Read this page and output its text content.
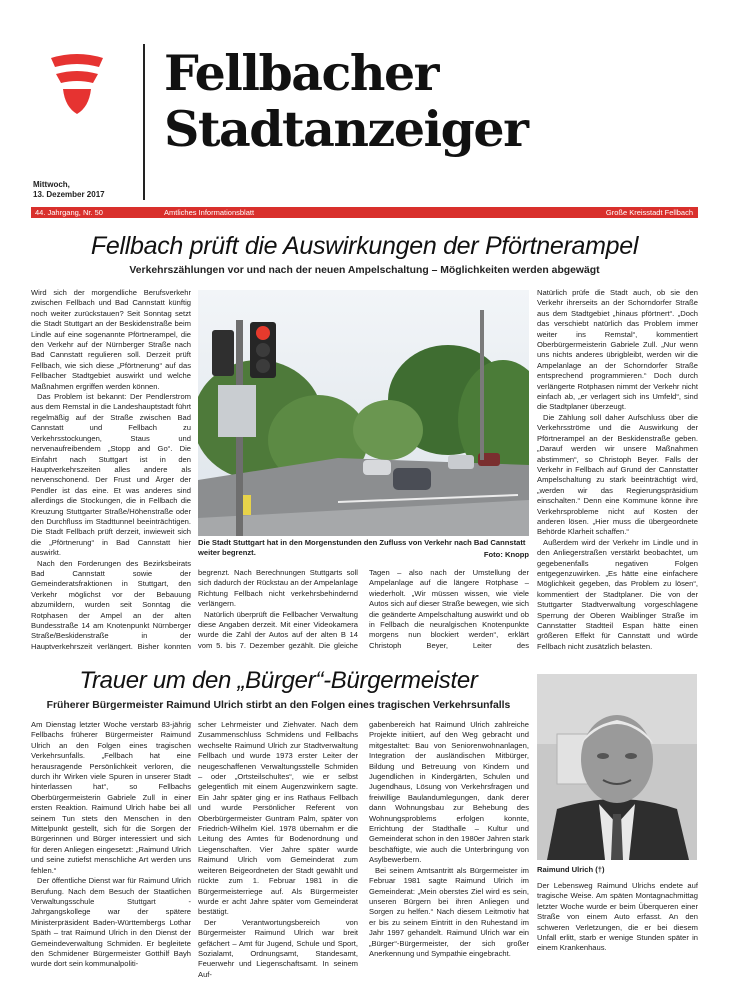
Fellbacher
Stadtanzeiger
Mittwoch,
13. Dezember 2017
44. Jahrgang, Nr. 50	Amtliches Informationsblatt	Große Kreisstadt Fellbach
Fellbach prüft die Auswirkungen der Pförtnerampel
Verkehrszählungen vor und nach der neuen Ampelschaltung – Möglichkeiten werden abgewägt

Wird sich der morgendliche Berufsverkehr zwischen Fellbach und Bad Cannstatt künftig noch weiter zurückstauen? Seit Sonntag setzt die Stadt Stuttgart an der Beskidenstraße beim Lindle auf eine sogenannte Pförtnerampel, die den Verkehr auf der Nürnberger Straße nach Bad Cannstatt regulieren soll. Derzeit prüft Fellbach, wie sich diese „Pförtnerung“ auf das Fellbacher Stadtgebiet auswirkt und welche Maßnahmen ergriffen werden können.

Das Problem ist bekannt: Der Pendlerstrom aus dem Remstal in die Landeshauptstadt führt regelmäßig auf der Straße zwischen Bad Cannstatt und Fellbach zu Verkehrsstockungen, Staus und nervenaufreibendem „Stopp and Go“. Die Einfahrt nach Stuttgart ist in den Hauptverkehrszeiten alles andere als nervenschonend. Der Frust und Ärger der Pendler ist das eine. Et was anderes sind allerdings die Stockungen, die in Fellbach die Kreuzung Stuttgarter Straße/Höhenstraße oder den Durchfluss im Stadttunnel beeinträchtigen. Die Stadt Fellbach prüft derzeit, inwieweit sich die „Pförtnerung“ in Bad Cannstatt hier auswirkt.

Nach den Forderungen des Bezirksbeirats Bad Cannstatt sowie der Gemeinderatsfraktionen in Stuttgart, den Verkehr möglichst vor der Bebauung abzumildern, wurden seit Sonntag die Rotphasen der Ampel an der alten Bundesstraße 14 am Knotenpunkt Nürnberger Straße/Beskidenstraße in der Hauptverkehrszeit verlängert. Bisher konnten

Die Stadt Stuttgart hat in den Morgenstunden den Zufluss von Verkehr nach Bad Cannstatt weiter begrenzt.	Foto: Knopp

begrenzt. Nach Berechnungen Stuttgarts soll sich dadurch der Rückstau an der Ampelanlage Richtung Fellbach nicht verkehrsbehindernd verlängern.

Natürlich überprüft die Fellbacher Verwaltung diese Angaben derzeit. Mit einer Videokamera wurde die Zahl der Autos auf der alten B 14 vom 5. bis 7. Dezember gezählt. Die gleiche

Tagen – also nach der Umstellung der Ampelanlage auf die längere Rotphase – wiederholt. „Wir müssen wissen, wie viele Autos sich auf dieser Straße bewegen, wie sich die geänderte Ampelschaltung auswirkt und ob in Fellbach die neuralgischen Knotenpunkte morgens nun blockiert werden“, erklärt Christoph Beyer, Leiter des

Natürlich prüfe die Stadt auch, ob sie den Verkehr ihrerseits an der Schorndorfer Straße aus dem Stadtgebiet „hinaus pförtnert“. „Doch das verschiebt natürlich das Problem immer weiter ins Remstal“, kommentiert Oberbürgermeisterin Gabriele Zull. „Nur wenn uns nichts anderes übrigbleibt, werden wir die Ampelanlage an der Schorndorfer Straße entsprechend programmieren.“ Doch durch verlängerte Rotphasen nimmt der Verkehr nicht einfach ab, „er verlagert sich ins Umfeld“, sind die Stadtplaner überzeugt.

Die Zählung soll daher Aufschluss über die Verkehrsströme und die Auswirkung der Pförtnerampel an der Beskidenstraße geben. „Darauf werden wir unsere Maßnahmen abstimmen“, so Christoph Beyer. Falls der Verkehr in Fellbach auf Grund der Cannstatter Ampelschaltung zu stark beeinträchtigt wird, „werden wir das Regierungspräsidium einschalten.“ Denn eine Kommune könne ihre Verkehrsprobleme nicht auf Kosten der anderen lösen. „Hier muss die übergeordnete Behörde Klarheit schaffen.“

Außerdem wird der Verkehr im Lindle und in den Anliegerstraßen verstärkt beobachtet, um gegebenenfalls negativen Folgen entgegenzuwirken. „Es hätte eine einfachere Möglichkeit gegeben, das Problem zu lösen“, kommentiert der Stadtplaner. Die von der Stuttgarter Stadtverwaltung vorgeschlagene Sperrung der Oberen Waiblinger Straße im Cannstatter Stadtteil Espan hätte einen größeren Effekt für Cannstatt und würde Fellbach nicht zusätzlich belasten.

Trauer um den „Bürger“-Bürgermeister
Früherer Bürgermeister Raimund Ulrich stirbt an den Folgen eines tragischen Verkehrsunfalls

Am Dienstag letzter Woche verstarb 83-jährig Fellbachs früherer Bürgermeister Raimund Ulrich an den Folgen eines tragischen Verkehrsunfalls. „Fellbach hat eine herausragende Persönlichkeit verloren, die durch ihr Wirken viele Spuren in unserer Stadt hinterlassen hat“, so Fellbachs Oberbürgermeisterin Gabriele Zull in einer ersten Reaktion. Raimund Ulrich habe bei all seinem Tun stets den Menschen in den Mittelpunkt gestellt, sich für die Sorgen der Bürgerinnen und Bürger interessiert und sich für deren Anliegen eingesetzt: „Raimund Ulrich und seine zutiefst menschliche Art werden uns fehlen.“

Der öffentliche Dienst war für Raimund Ulrich Berufung. Nach dem Besuch der Staatlichen Verwaltungsschule Stuttgart - Jahrgangskollege war der spätere Ministerpräsident Baden-Württembergs Lothar Späth – trat Raimund Ulrich in den Dienst der Gemeindeverwaltung Schmiden. Er begleitete den Schmidener Bürgermeister Gotthilf Bayh wurde dort sein kommunalpoliti-

scher Lehrmeister und Ziehvater. Nach dem Zusammenschluss Schmidens und Fellbachs wechselte Raimund Ulrich zur Stadtverwaltung Fellbach und wurde 1973 erster Leiter der neugeschaffenen Verwaltungsstelle Schmiden – oder „Ortsteilschultes“, wie er selbst gelegentlich mit einem Augenzwinkern sagte. Ein Jahr später ging er ins Rathaus Fellbach und wurde Persönlicher Referent von Oberbürgermeister Guntram Palm, später von Friedrich-Wilhelm Kiel. 1978 übernahm er die Leitung des Amtes für Bodenordnung und Liegenschaften. Vier Jahre später wurde Raimund Ulrich vom Gemeinderat zum weiteren Beigeordneten der Stadt gewählt und rückte zum 1. Februar 1981 in die Bürgermeisterriege auf. Als Bürgermeister wurde er acht Jahre später vom Gemeinderat bestätigt.

Der Verantwortungsbereich von Bürgermeister Raimund Ulrich war breit gefächert – Amt für Jugend, Schule und Sport, Sozialamt, Ordnungsamt, Standesamt, Feuerwehr und Liegenschaftsamt. In seinem Auf-

gabenbereich hat Raimund Ulrich zahlreiche Projekte initiiert, auf den Weg gebracht und mitgestaltet: Bau von Seniorenwohnanlagen, Integration der ausländischen Mitbürger, Bildung und Betreuung von Kindern und Jugendlichen in Kindergärten, Schulen und Jugendhaus, Lösung von Verkehrsfragen und freiwillige Baulandumlegungen, dank derer dann Wohnungsbau zur Behebung des Wohnungsproblems erfolgen konnte, Errichtung der Stadthalle – Kultur und Gemeinderat schon in den 1980er Jahren stark beschäftigte, wie auch die Unterbringung von Asylbewerbern.

Bei seinem Amtsantritt als Bürgermeister im Februar 1981 sagte Raimund Ulrich im Gemeinderat: „Mein oberstes Ziel wird es sein, unseren Bürgern bei ihren Anliegen und Sorgen zu helfen.“ Nach diesem Leitmotiv hat er bis zu seinem Eintritt in den Ruhestand im Jahr 1997 gehandelt. Raimund Ulrich war ein „Bürger“-Bürgermeister, der sich großer Anerkennung und Sympathie eingebracht.

Raimund Ulrich (†)

Der Lebensweg Raimund Ulrichs endete auf tragische Weise. Am späten Montagnachmittag letzter Woche wurde er beim Überqueren einer Straße von einem Auto erfasst. An den schweren Verletzungen, die er bei diesem Unfall erlitt, starb er wenige Stunden später in einem Krankenhaus.
